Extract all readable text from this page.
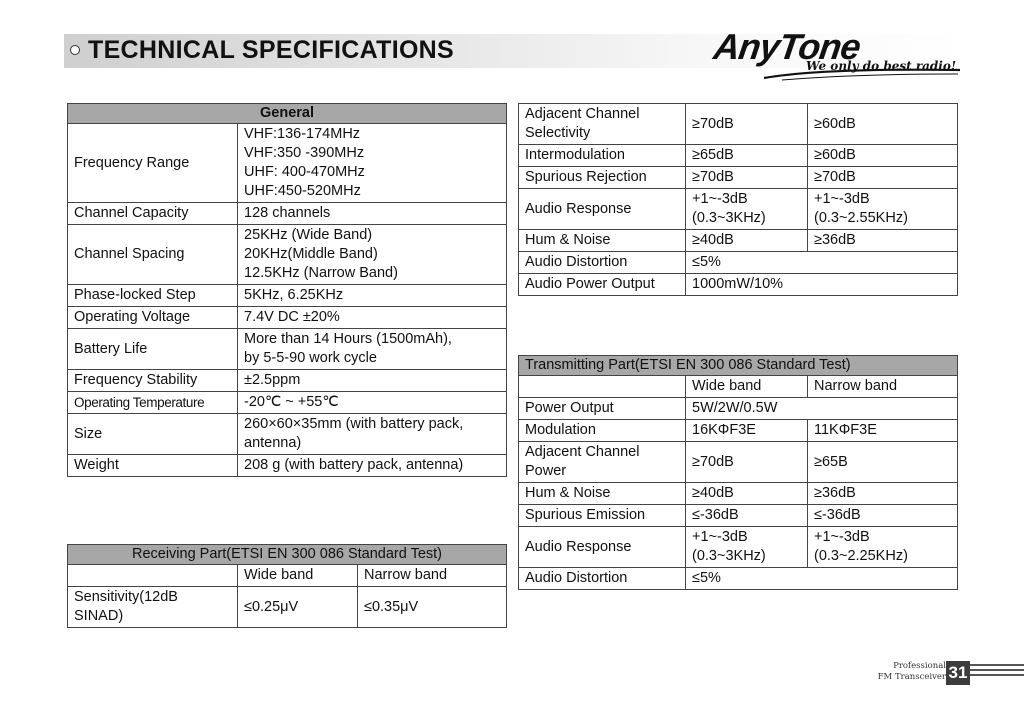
TECHNICAL SPECIFICATIONS	AnyTone
We only do best radio!
General	
Frequency Range	VHF:136-174MHz
VHF:350 -390MHz
UHF: 400-470MHz
UHF:450-520MHz

Channel Capacity	128 channels

Channel Spacing	25KHz (Wide Band)
20KHz(Middle Band)
12.5KHz (Narrow Band)

Phase-locked Step	5KHz, 6.25KHz

Operating Voltage	7.4V DC ±20%

Battery Life	More than 14 Hours (1500mAh),
by 5-5-90 work cycle

Frequency Stability	±2.5ppm

Operating Temperature	-20℃ ~ +55℃

Size	260×60×35mm (with battery pack,
antenna)

Weight	208 g (with battery pack, antenna)
Receiving Part(ETSI EN 300 086 Standard Test)		
	Wide band	Narrow band
Sensitivity(12dB SINAD)	≤0.25μV	≤0.35μV
Adjacent Channel Selectivity	≥70dB	≥60dB
Intermodulation	≥65dB	≥60dB
Spurious Rejection	≥70dB	≥70dB
Audio Response	+1~-3dB (0.3~3KHz)	+1~-3dB (0.3~2.55KHz)
Hum & Noise	≥40dB	≥36dB
Audio Distortion	≤5%	
Audio Power Output	1000mW/10%	
Transmitting Part(ETSI EN 300 086 Standard Test)		
	Wide band	Narrow band
Power Output	5W/2W/0.5W	
Modulation	16KΦF3E	11KΦF3E
Adjacent Channel Power	≥70dB	≥65B
Hum & Noise	≥40dB	≥36dB
Spurious Emission	≤-36dB	≤-36dB
Audio Response	+1~-3dB (0.3~3KHz)	+1~-3dB (0.3~2.25KHz)
Audio Distortion	≤5%	
Professional
FM Transceiver 31
